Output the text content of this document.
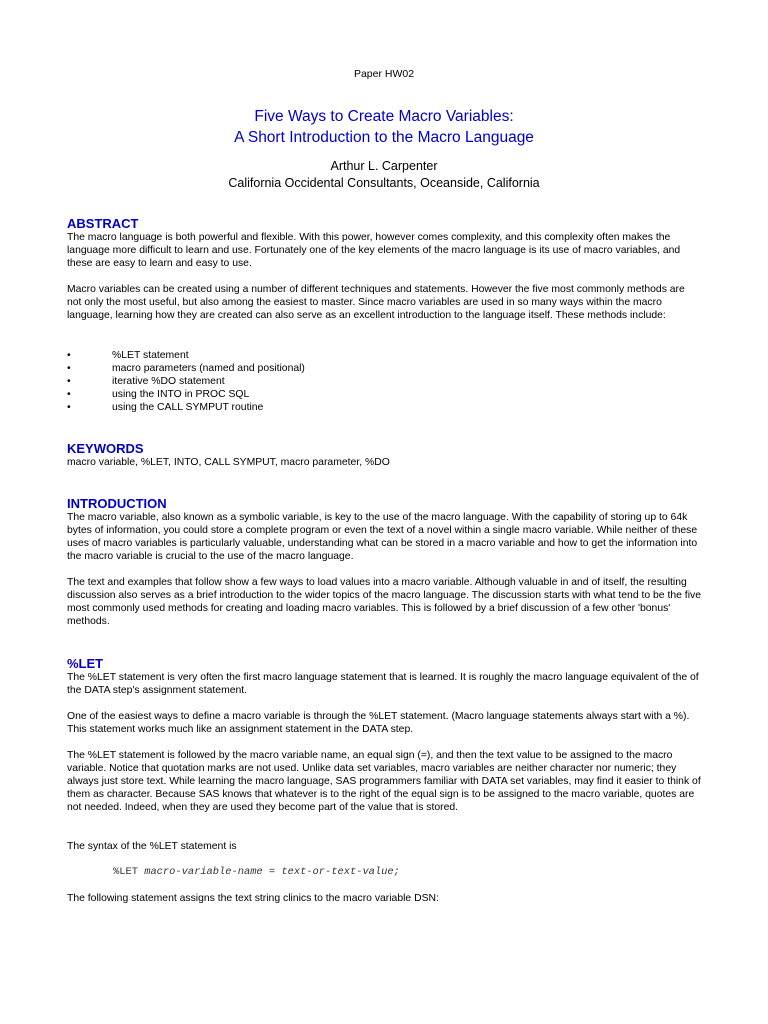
Paper HW02
Five Ways to Create Macro Variables:
A Short Introduction to the Macro Language
Arthur L. Carpenter
California Occidental Consultants, Oceanside, California
ABSTRACT

The macro language is both powerful and flexible. With this power, however comes complexity, and this complexity often makes the language more difficult to learn and use. Fortunately one of the key elements of the macro language is its use of macro variables, and these are easy to learn and easy to use.

Macro variables can be created using a number of different techniques and statements. However the five most commonly methods are not only the most useful, but also among the easiest to master. Since macro variables are used in so many ways within the macro language, learning how they are created can also serve as an excellent introduction to the language itself. These methods include:

•	%LET statement
•	macro parameters (named and positional)
•	iterative %DO statement
•	using the INTO in PROC SQL
•	using the CALL SYMPUT routine
KEYWORDS

macro variable, %LET, INTO, CALL SYMPUT, macro parameter, %DO

INTRODUCTION

The macro variable, also known as a symbolic variable, is key to the use of the macro language. With the capability of storing up to 64k bytes of information, you could store a complete program or even the text of a novel within a single macro variable. While neither of these uses of macro variables is particularly valuable, understanding what can be stored in a macro variable and how to get the information into the macro variable is crucial to the use of the macro language.

The text and examples that follow show a few ways to load values into a macro variable. Although valuable in and of itself, the resulting discussion also serves as a brief introduction to the wider topics of the macro language. The discussion starts with what tend to be the five most commonly used methods for creating and loading macro variables. This is followed by a brief discussion of a few other 'bonus' methods.

%LET

The %LET statement is very often the first macro language statement that is learned. It is roughly the macro language equivalent of the of the DATA step's assignment statement.

One of the easiest ways to define a macro variable is through the %LET statement. (Macro language statements always start with a %). This statement works much like an assignment statement in the DATA step.

The %LET statement is followed by the macro variable name, an equal sign (=), and then the text value to be assigned to the macro variable. Notice that quotation marks are not used. Unlike data set variables, macro variables are neither character nor numeric; they always just store text. While learning the macro language, SAS programmers familiar with DATA set variables, may find it easier to think of them as character. Because SAS knows that whatever is to the right of the equal sign is to be assigned to the macro variable, quotes are not needed. Indeed, when they are used they become part of the value that is stored.

The syntax of the %LET statement is

%LET macro-variable-name = text-or-text-value;

The following statement assigns the text string clinics to the macro variable DSN:
